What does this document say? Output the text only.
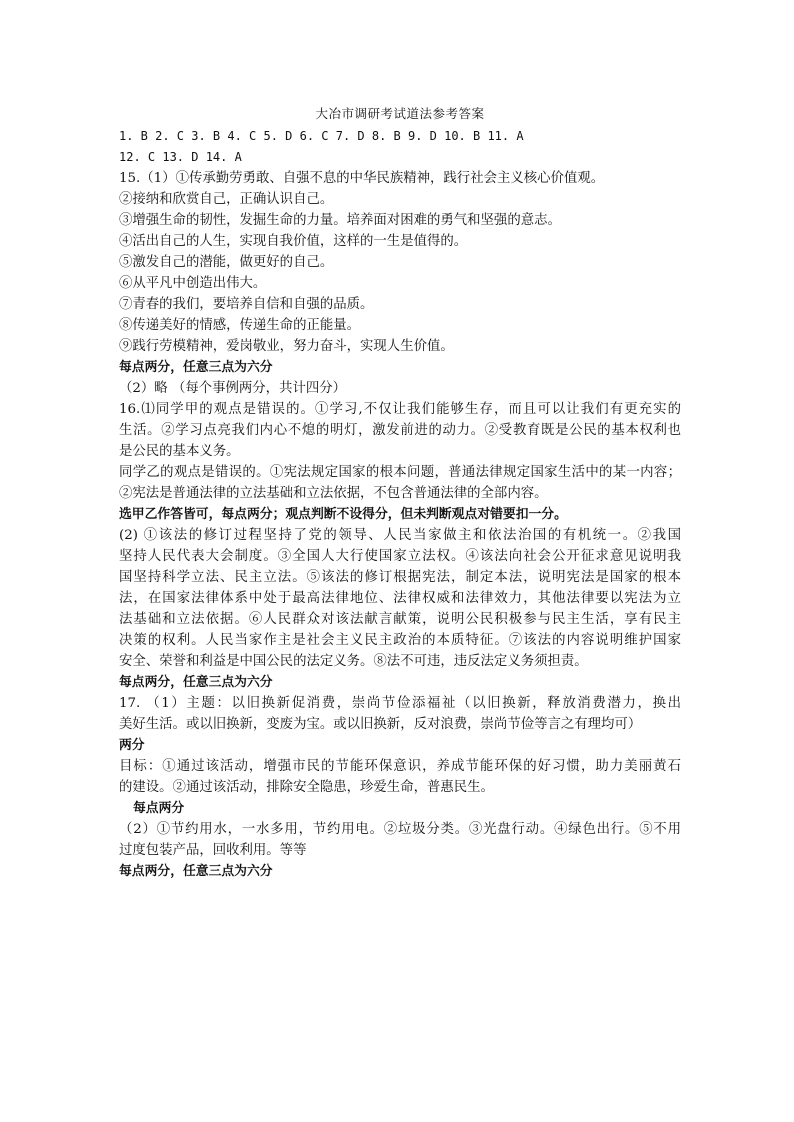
大冶市调研考试道法参考答案
1. B 2. C 3. B 4. C 5. D 6. C 7. D 8. B 9. D 10. B 11. A
12. C 13. D 14. A
15.（1）①传承勤劳勇敢、自强不息的中华民族精神，践行社会主义核心价值观。
②接纳和欣赏自己，正确认识自己。
③增强生命的韧性，发掘生命的力量。培养面对困难的勇气和坚强的意志。
④活出自己的人生，实现自我价值，这样的一生是值得的。
⑤激发自己的潜能，做更好的自己。
⑥从平凡中创造出伟大。
⑦青春的我们，要培养自信和自强的品质。
⑧传递美好的情感，传递生命的正能量。
⑨践行劳模精神，爱岗敬业，努力奋斗，实现人生价值。
每点两分，任意三点为六分
（2）略 （每个事例两分，共计四分）
16.⑴同学甲的观点是错误的。①学习,不仅让我们能够生存，而且可以让我们有更充实的
生活。②学习点亮我们内心不熄的明灯，激发前进的动力。②受教育既是公民的基本权利也
是公民的基本义务。
同学乙的观点是错误的。①宪法规定国家的根本问题，普通法律规定国家生活中的某一内容；
②宪法是普通法律的立法基础和立法依据，不包含普通法律的全部内容。
选甲乙作答皆可，每点两分；观点判断不设得分，但未判断观点对错要扣一分。
(2) ①该法的修订过程坚持了党的领导、人民当家做主和依法治国的有机统一。②我国
坚持人民代表大会制度。③全国人大行使国家立法权。④该法向社会公开征求意见说明我
国坚持科学立法、民主立法。⑤该法的修订根据宪法，制定本法，说明宪法是国家的根本
法，在国家法律体系中处于最高法律地位、法律权威和法律效力，其他法律要以宪法为立
法基础和立法依据。⑥人民群众对该法献言献策，说明公民积极参与民主生活，享有民主
决策的权利。人民当家作主是社会主义民主政治的本质特征。⑦该法的内容说明维护国家
安全、荣誉和利益是中国公民的法定义务。⑧法不可违，违反法定义务须担责。
每点两分，任意三点为六分
17. （1）主题：以旧换新促消费，崇尚节俭添福祉（以旧换新，释放消费潜力，换出
美好生活。或以旧换新，变废为宝。或以旧换新，反对浪费，崇尚节俭等言之有理均可）
两分
目标：①通过该活动，增强市民的节能环保意识，养成节能环保的好习惯，助力美丽黄石
的建设。②通过该活动，排除安全隐患，珍爱生命，普惠民生。
每点两分
（2）①节约用水，一水多用，节约用电。②垃圾分类。③光盘行动。④绿色出行。⑤不用
过度包装产品，回收利用。等等
每点两分，任意三点为六分
